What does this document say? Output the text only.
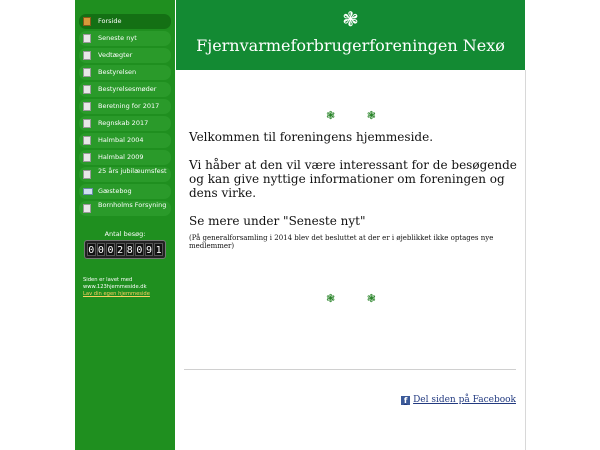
Forside
Seneste nyt
Vedtægter
Bestyrelsen
Bestyrelsesmøder
Beretning for 2017
Regnskab 2017
Halmbal 2004
Halmbal 2009
25 års jubilæumsfest
Gæstebog
Bornholms Forsyning
Antal besøg:
0 0 0 2 8 0 9 1
Siden er lavet med
www.123hjemmeside.dk
Lav din egen hjemmeside
❃
Fjernvarmeforbrugerforeningen Nexø
❃	❃

Velkommen til foreningens hjemmeside.

Vi håber at den vil være interessant for de besøgende og kan give nyttige informationer om foreningen og dens virke.

Se mere under "Seneste nyt"

(På generalforsamling i 2014 blev det besluttet at der er i øjeblikket ikke optages nye medlemmer)

❃	❃
f Del siden på Facebook
